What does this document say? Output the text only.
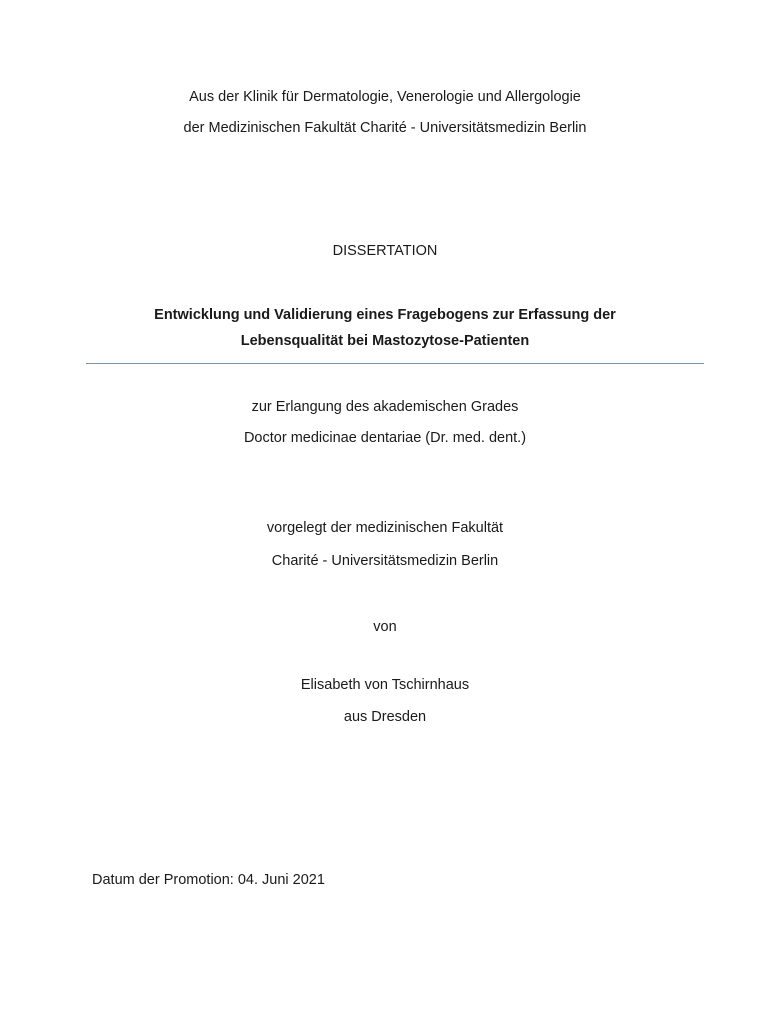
Aus der Klinik für Dermatologie, Venerologie und Allergologie
der Medizinischen Fakultät Charité - Universitätsmedizin Berlin
DISSERTATION
Entwicklung und Validierung eines Fragebogens zur Erfassung der
Lebensqualität bei Mastozytose-Patienten
zur Erlangung des akademischen Grades
Doctor medicinae dentariae (Dr. med. dent.)
vorgelegt der medizinischen Fakultät
Charité - Universitätsmedizin Berlin
von
Elisabeth von Tschirnhaus
aus Dresden
Datum der Promotion: 04. Juni 2021
